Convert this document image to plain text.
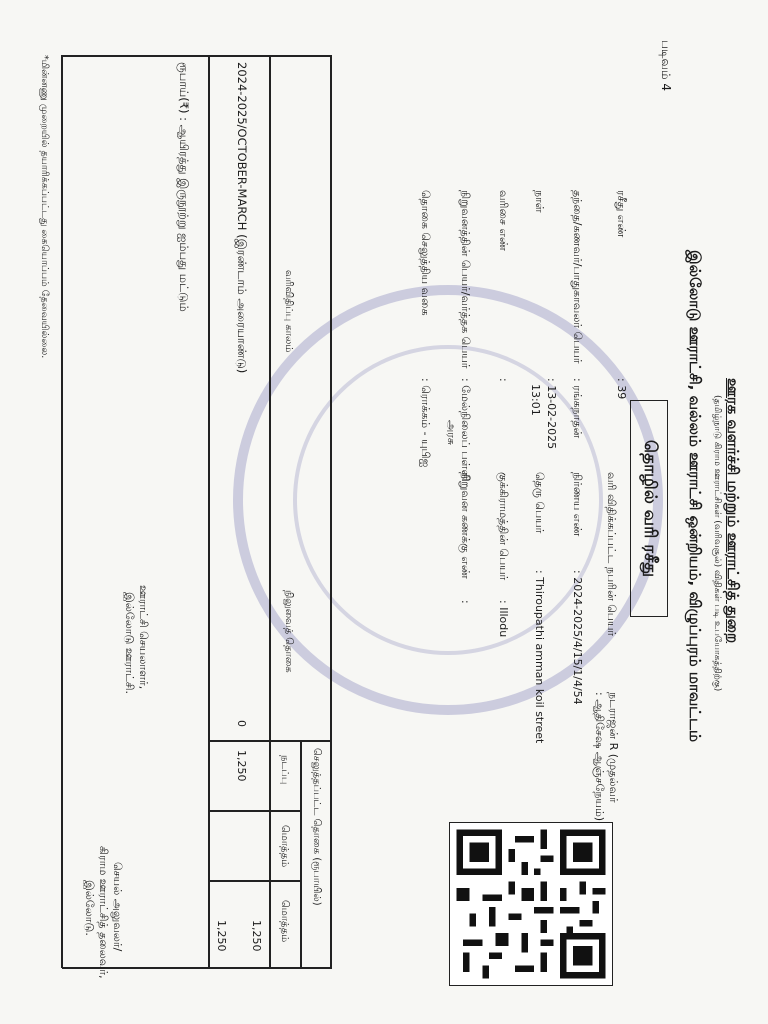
படிவம் 4
ஊரக வளர்ச்சி மற்றும் ஊராட்சித் துறை
(தமிழ்நாடு கிராம ஊராட்சிகள் (வரிவசூல்) விதிகள் படி உபயோகத்திற்கு)
இல்லோடு ஊராட்சி, வல்லம் ஊராட்சி ஒன்றியம், விழுப்புரம் மாவட்டம்
தொழில் வரி ரசீது
ரசீது எண்
: 39
வரி விதிக்கப்பட்ட நபரின் பெயர்
நடராஜன் R (முதல்வர்
: ஆதிசேஷ ஆஞ்சநேயம்)
தந்தை/கணவர்/பாதுகாவலர் பெயர்
: ரங்கநாதன்
நிர்ணய எண்
: 2024-2025/4/15/1/4/54
நாள்
: 13-02-2025
13:01
தெரு பெயர்
: Thiroupathi amman koil street
வரிசை எண்
:
குக்கிராமத்தின் பெயர்
: Illodu
நிறுவனத்தின் பெயர்/வர்த்தக பெயர்
: மேல்நிலைப் பள்ளி
அரசு
நிறுவன கணக்கு எண்
:
தொகை செலுத்திய வகை
: ரொக்கம் - யுபிஐ
வரிவிதிப்பு காலம்
செலுத்தப்பட்ட தொகை (ரூபாயில்)
நிலுவைத் தொகை
நடப்பு
மொத்தம்
மொத்தம்
2024-2025/OCTOBER-MARCH (இரண்டாம் அரையாண்டு)
0
1,250
1,250
1,250
ரூபாய்(₹) : ஆயிரத்து இருநூற்று ஐம்பது மட்டும்
ஊராட்சி செயலாளர்,
இல்லோடு ஊராட்சி.
செயல் அலுவலர்/
கிராம ஊராட்சித் தலைவர்,
இல்லோடு.
*மின்னணு முறையில் தயாரிக்கப்பட்டது கையொப்பம் தேவையில்லை.
